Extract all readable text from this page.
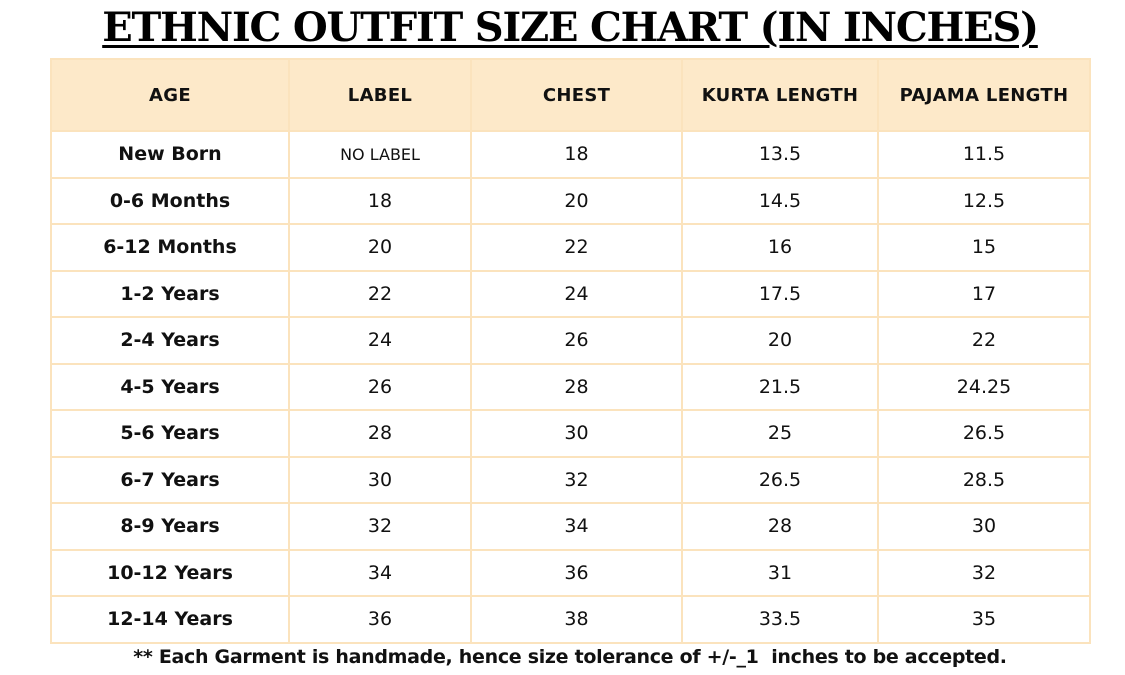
ETHNIC OUTFIT SIZE CHART (IN INCHES)
AGE	LABEL	CHEST	KURTA LENGTH	PAJAMA LENGTH
New Born	NO LABEL	18	13.5	11.5
0-6 Months	18	20	14.5	12.5
6-12 Months	20	22	16	15
1-2 Years	22	24	17.5	17
2-4 Years	24	26	20	22
4-5 Years	26	28	21.5	24.25
5-6 Years	28	30	25	26.5
6-7 Years	30	32	26.5	28.5
8-9 Years	32	34	28	30
10-12 Years	34	36	31	32
12-14 Years	36	38	33.5	35
** Each Garment is handmade, hence size tolerance of +/-_1  inches to be accepted.
